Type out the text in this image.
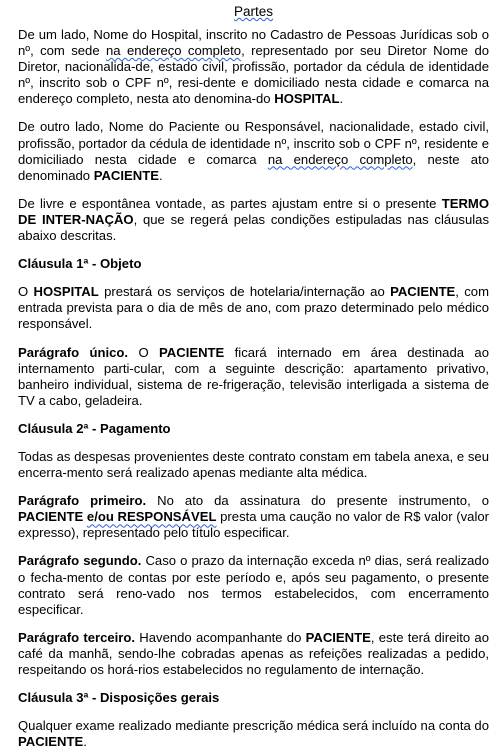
Partes

De um lado, Nome do Hospital, inscrito no Cadastro de Pessoas Jurídicas sob o nº, com sede na endereço completo, representado por seu Diretor Nome do Diretor, nacionalida-de, estado civil, profissão, portador da cédula de identidade nº, inscrito sob o CPF nº, resi-dente e domiciliado nesta cidade e comarca na endereço completo, nesta ato denomina-do HOSPITAL.

De outro lado, Nome do Paciente ou Responsável, nacionalidade, estado civil, profissão, portador da cédula de identidade nº, inscrito sob o CPF nº, residente e domiciliado nesta cidade e comarca na endereço completo, neste ato denominado PACIENTE.

De livre e espontânea vontade, as partes ajustam entre si o presente TERMO DE INTER-NAÇÃO, que se regerá pelas condições estipuladas nas cláusulas abaixo descritas.

Cláusula 1ª - Objeto

O HOSPITAL prestará os serviços de hotelaria/internação ao PACIENTE, com entrada prevista para o dia de mês de ano, com prazo determinado pelo médico responsável.

Parágrafo único. O PACIENTE ficará internado em área destinada ao internamento parti-cular, com a seguinte descrição: apartamento privativo, banheiro individual, sistema de re-frigeração, televisão interligada a sistema de TV a cabo, geladeira.

Cláusula 2ª - Pagamento

Todas as despesas provenientes deste contrato constam em tabela anexa, e seu encerra-mento será realizado apenas mediante alta médica.

Parágrafo primeiro. No ato da assinatura do presente instrumento, o PACIENTE e/ou RESPONSÁVEL presta uma caução no valor de R$ valor (valor expresso), representado pelo título especificar.

Parágrafo segundo. Caso o prazo da internação exceda nº dias, será realizado o fecha-mento de contas por este período e, após seu pagamento, o presente contrato será reno-vado nos termos estabelecidos, com encerramento especificar.

Parágrafo terceiro. Havendo acompanhante do PACIENTE, este terá direito ao café da manhã, sendo-lhe cobradas apenas as refeições realizadas a pedido, respeitando os horá-rios estabelecidos no regulamento de internação.

Cláusula 3ª - Disposições gerais

Qualquer exame realizado mediante prescrição médica será incluído na conta do PACIENTE.
